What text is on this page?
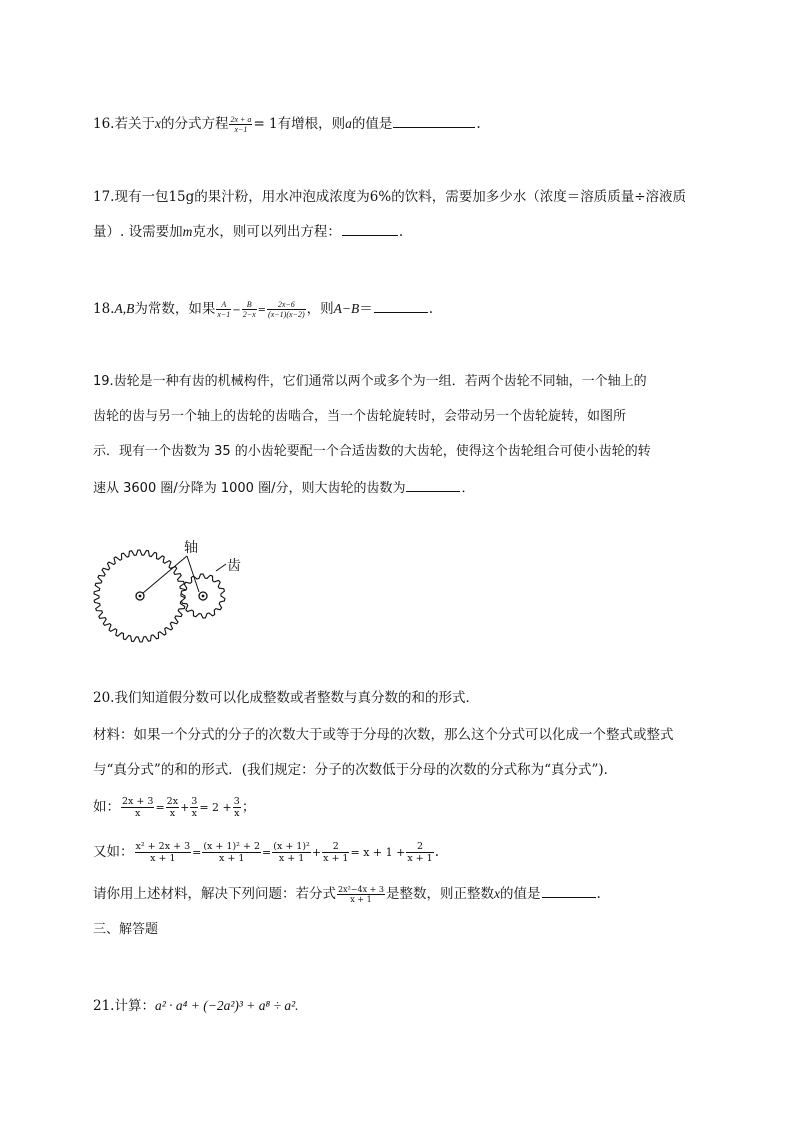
16.若关于x的分式方程 $\frac{2x + a}{x-1} = 1$有增根，则a的值是	.
17.现有一包15g的果汁粉，用水冲泡成浓度为6%的饮料，需要加多少水（浓度＝溶质质量÷溶液质
量）. 设需要加m克水，则可以列出方程：	.
18.A,B为常数，如果 $\frac{A}{x-1} - \frac{B}{2-x} = \frac{2x-6}{(x-1)(x-2)}$ ，则A−B＝	.
19.齿轮是一种有齿的机械构件，它们通常以两个或多个为一组．若两个齿轮不同轴，一个轴上的
齿轮的齿与另一个轴上的齿轮的齿啮合，当一个齿轮旋转时，会带动另一个齿轮旋转，如图所
示．现有一个齿数为 35 的小齿轮要配一个合适齿数的大齿轮，使得这个齿轮组合可使小齿轮的转
速从 3600 圈/分降为 1000 圈/分，则大齿轮的齿数为	．
轴
齿
20.我们知道假分数可以化成整数或者整数与真分数的和的形式．
材料：如果一个分式的分子的次数大于或等于分母的次数，那么这个分式可以化成一个整式或整式
与“真分式”的和的形式．(我们规定：分子的次数低于分母的次数的分式称为“真分式”)．
如： $\frac{2x + 3}{x} = \frac{2x}{x} + \frac{3}{x} = 2 + \frac{3}{x}$ ；
又如： $\frac{\text{x² + 2x + 3}}{x + 1} = \frac{\text{(x + 1)² + 2}}{x + 1} = \frac{\text{(x + 1)²}}{x + 1} + \frac{2}{x + 1} = x + 1 + \frac{2}{x + 1}$ .
请你用上述材料，解决下列问题：若分式 $\frac{\text{2x²−4x + 3}}{x + 1}$ 是整数，则正整数x的值是	.
三、解答题
21.计算：a² · a⁴ + (−2a²)³ + a⁸ ÷ a².
